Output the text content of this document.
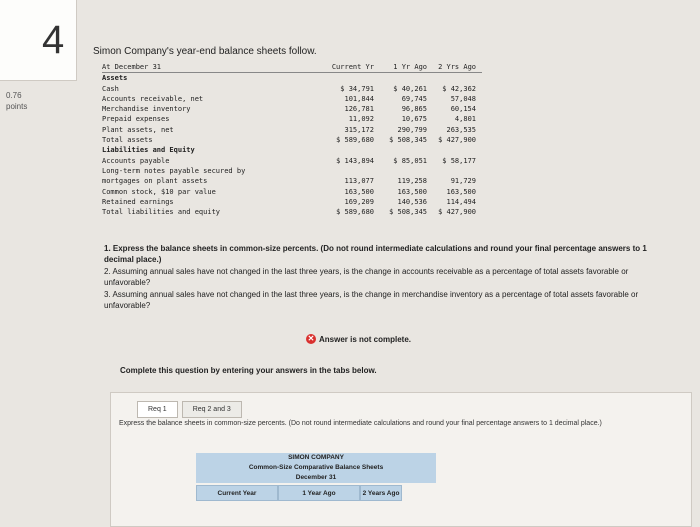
4
0.76
points
Simon Company's year-end balance sheets follow.
At December 31	Current Yr	1 Yr Ago	2 Yrs Ago
Assets
Cash	$ 34,791	$ 40,261	$ 42,362
Accounts receivable, net	101,844	69,745	57,048
Merchandise inventory	126,781	96,865	60,154
Prepaid expenses	11,092	10,675	4,801
Plant assets, net	315,172	290,799	263,535
Total assets	$ 589,680	$ 508,345	$ 427,900
Liabilities and Equity
Accounts payable	$ 143,894	$ 85,051	$ 58,177
Long-term notes payable secured by
mortgages on plant assets	113,077	119,258	91,729
Common stock, $10 par value	163,500	163,500	163,500
Retained earnings	169,209	140,536	114,494
Total liabilities and equity	$ 589,680	$ 508,345	$ 427,900

1. Express the balance sheets in common-size percents. (Do not round intermediate calculations and round your final percentage answers to 1 decimal place.)

2. Assuming annual sales have not changed in the last three years, is the change in accounts receivable as a percentage of total assets favorable or unfavorable?

3. Assuming annual sales have not changed in the last three years, is the change in merchandise inventory as a percentage of total assets favorable or unfavorable?

✕ Answer is not complete.
Complete this question by entering your answers in the tabs below.
Req 1	Req 2 and 3
Express the balance sheets in common-size percents. (Do not round intermediate calculations and round your final percentage answers to 1 decimal place.)
SIMON COMPANY
Common-Size Comparative Balance Sheets
December 31
Current Year	1 Year Ago	2 Years Ago
